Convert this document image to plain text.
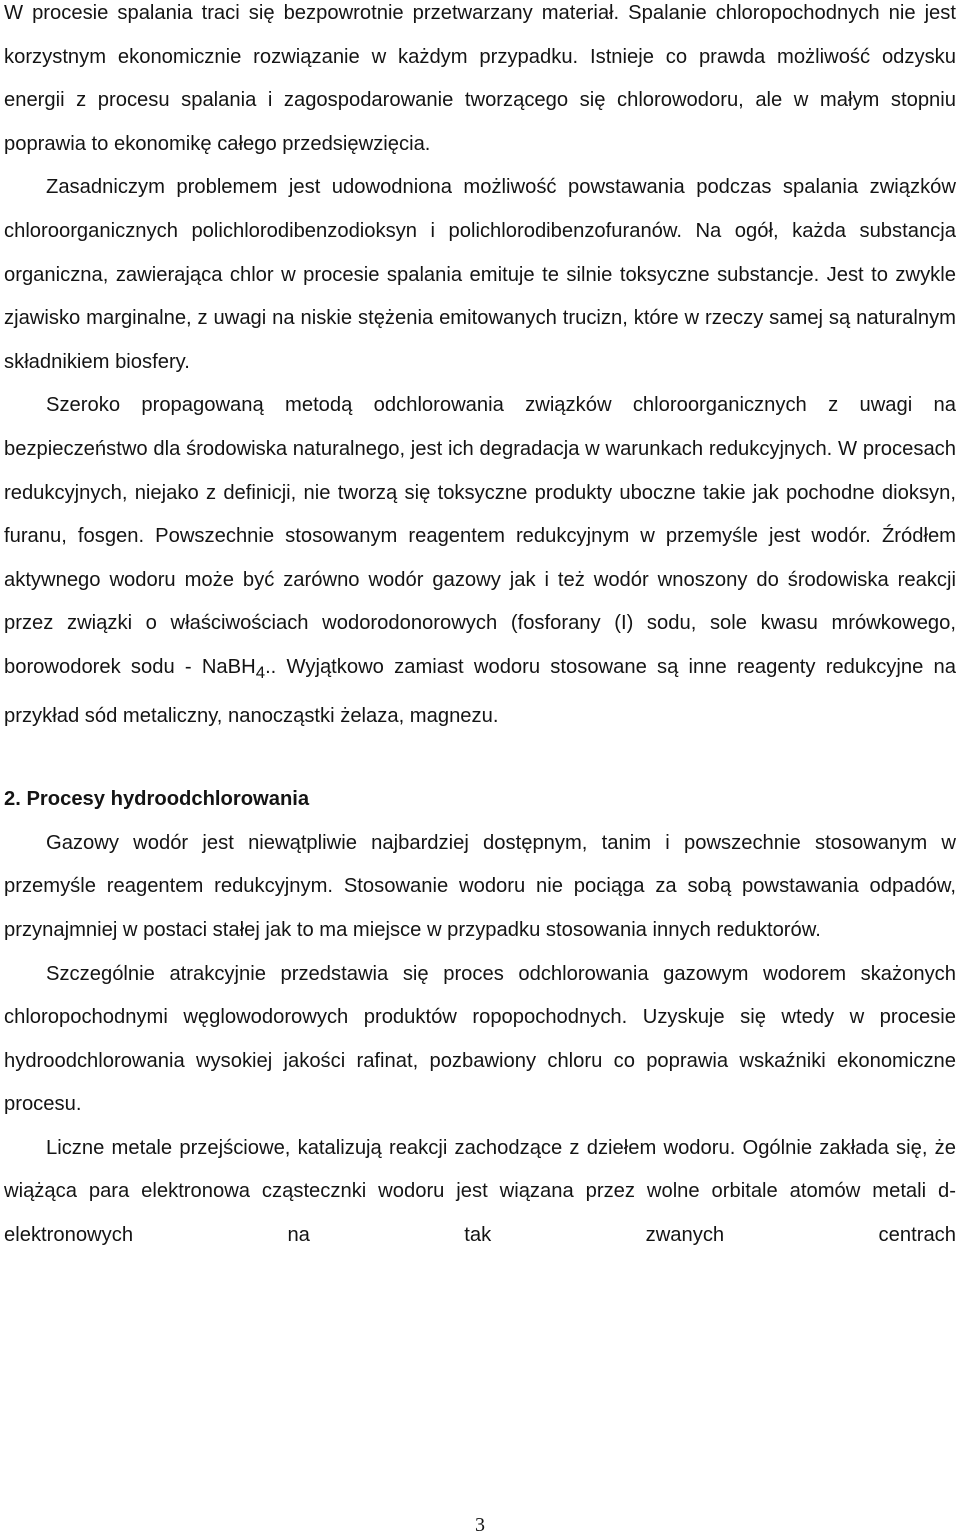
W procesie spalania traci się bezpowrotnie przetwarzany materiał. Spalanie chloropochodnych nie jest korzystnym ekonomicznie rozwiązanie w każdym przypadku. Istnieje co prawda możliwość odzysku energii z procesu spalania i zagospodarowanie tworzącego się chlorowodoru, ale w małym stopniu poprawia to ekonomikę całego przedsięwzięcia.

Zasadniczym problemem jest udowodniona możliwość powstawania podczas spalania związków chloroorganicznych polichlorodibenzodioksyn i polichlorodibenzofuranów. Na ogół, każda substancja organiczna, zawierająca chlor w procesie spalania emituje te silnie toksyczne substancje. Jest to zwykle zjawisko marginalne, z uwagi na niskie stężenia emitowanych trucizn, które w rzeczy samej są naturalnym składnikiem biosfery.

Szeroko propagowaną metodą odchlorowania związków chloroorganicznych z uwagi na bezpieczeństwo dla środowiska naturalnego, jest ich degradacja w warunkach redukcyjnych. W procesach redukcyjnych, niejako z definicji, nie tworzą się toksyczne produkty uboczne takie jak pochodne dioksyn, furanu, fosgen. Powszechnie stosowanym reagentem redukcyjnym w przemyśle jest wodór. Źródłem aktywnego wodoru może być zarówno wodór gazowy jak i też wodór wnoszony do środowiska reakcji przez związki o właściwościach wodorodonorowych (fosforany (I) sodu, sole kwasu mrówkowego, borowodorek sodu - NaBH$_4$.. Wyjątkowo zamiast wodoru stosowane są inne reagenty redukcyjne na przykład sód metaliczny, nanocząstki żelaza, magnezu.

2. Procesy hydroodchlorowania

Gazowy wodór jest niewątpliwie najbardziej dostępnym, tanim i powszechnie stosowanym w przemyśle reagentem redukcyjnym. Stosowanie wodoru nie pociąga za sobą powstawania odpadów, przynajmniej w postaci stałej jak to ma miejsce w przypadku stosowania innych reduktorów.

Szczególnie atrakcyjnie przedstawia się proces odchlorowania gazowym wodorem skażonych chloropochodnymi węglowodorowych produktów ropopochodnych. Uzyskuje się wtedy w procesie hydroodchlorowania wysokiej jakości rafinat, pozbawiony chloru co poprawia wskaźniki ekonomiczne procesu.

Liczne metale przejściowe, katalizują reakcji zachodzące z dziełem wodoru. Ogólnie zakłada się, że wiążąca para elektronowa cząstecznki wodoru jest wiązana przez wolne orbitale atomów metali d-elektronowych na tak zwanych centrach

3
